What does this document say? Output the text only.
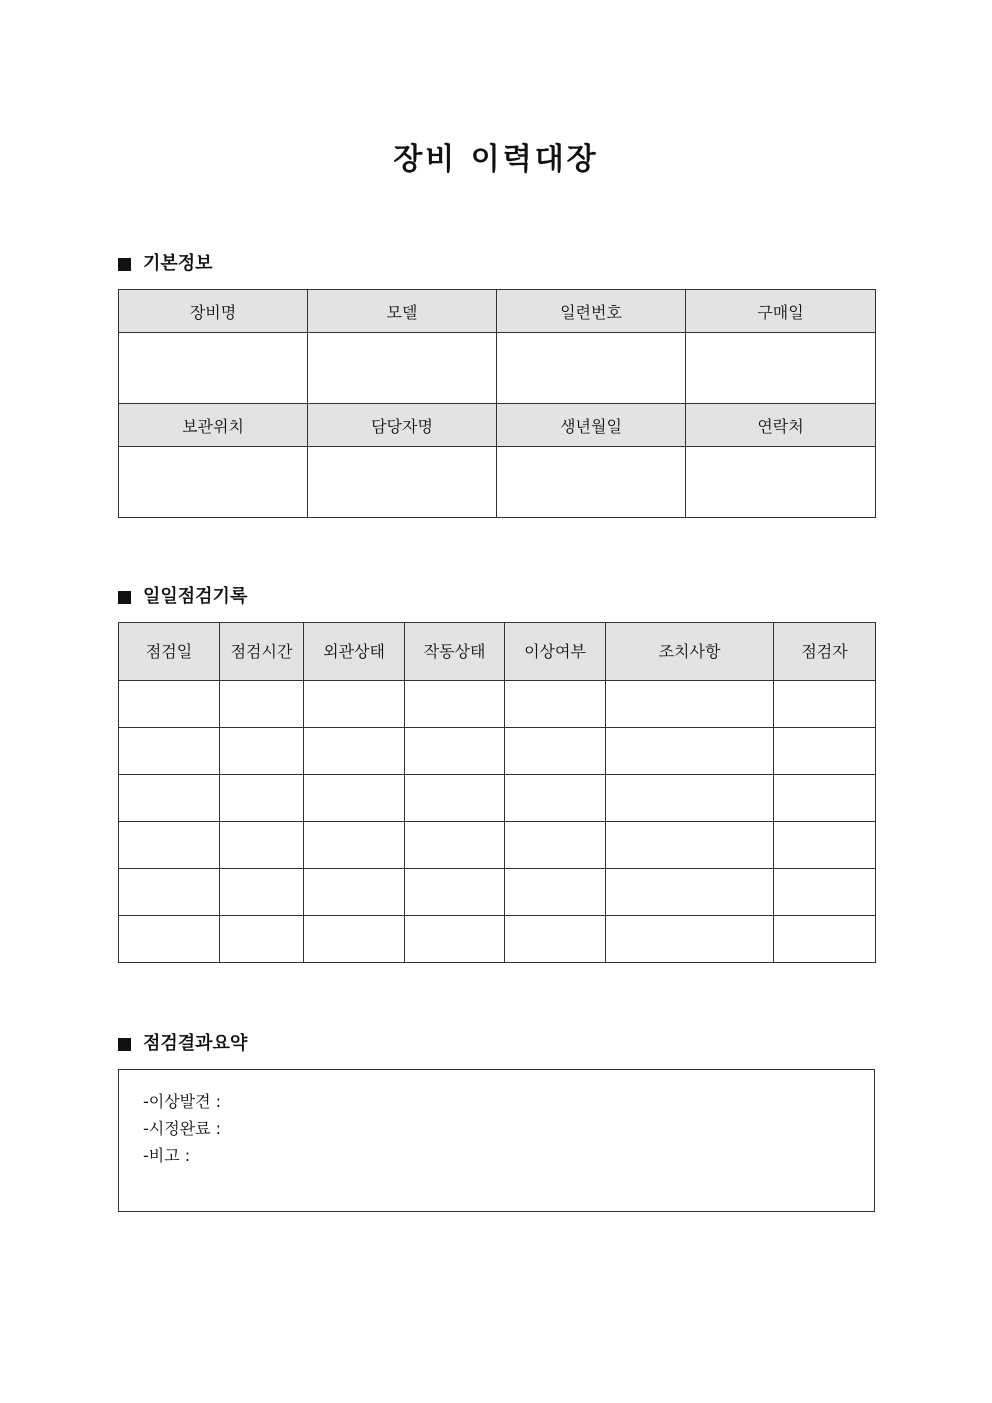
장비 이력대장
기본정보
장비명	모델	일련번호	구매일

보관위치	담당자명	생년월일	연락처

일일점검기록
점검일	점검시간	외관상태	작동상태	이상여부	조치사항	점검자

점검결과요약
-이상발견 :
-시정완료 :
-비고 :
